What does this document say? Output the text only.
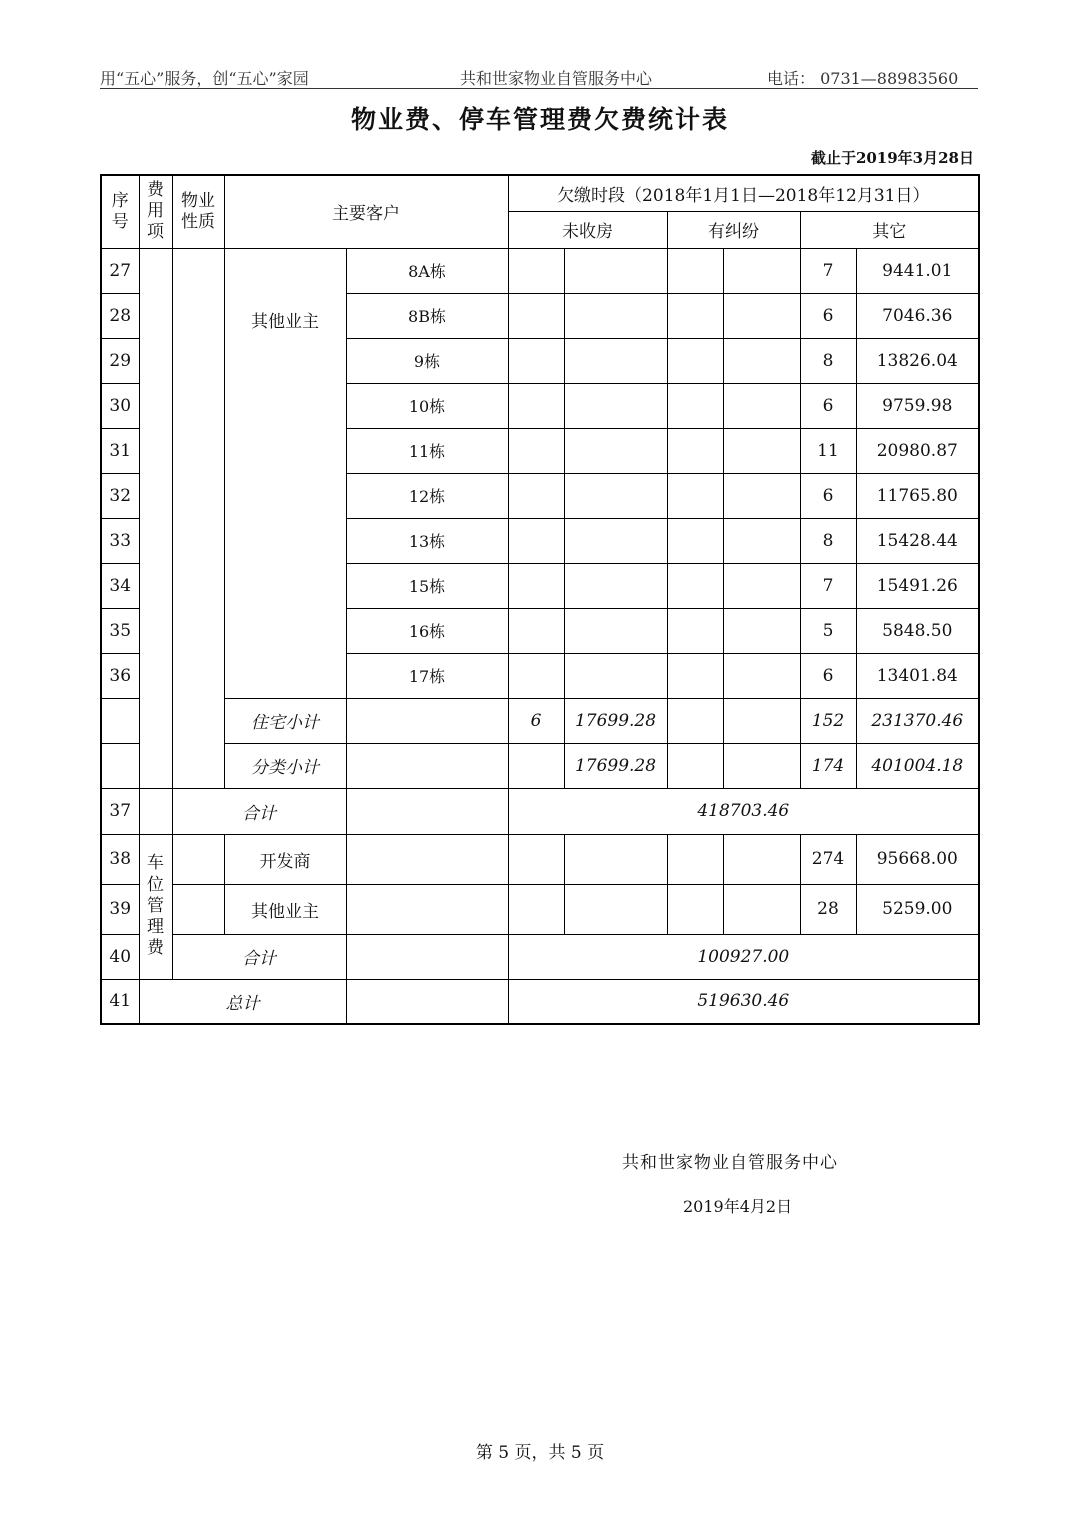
用“五心”服务，创“五心”家园	共和世家物业自管服务中心	电话： 0731—88983560
物业费、停车管理费欠费统计表
截止于2019年3月28日
序号	费用项	物业性质	主要客户		欠缴时段（2018年1月1日—2018年12月31日）					
					未收房		有纠纷		其它	
27			其他业主	8A栋					7	9441.01
28				8B栋					6	7046.36
29				9栋					8	13826.04
30				10栋					6	9759.98
31				11栋					11	20980.87
32				12栋					6	11765.80
33				13栋					8	15428.44
34				15栋					7	15491.26
35				16栋					5	5848.50
36				17栋					6	13401.84
			住宅小计		6	17699.28			152	231370.46
			分类小计			17699.28			174	401004.18
37		合计			418703.46					
38	车位管理费		开发商						274	95668.00
39			其他业主						28	5259.00
40		合计			100927.00					
41	总计				519630.46					
共和世家物业自管服务中心
2019年4月2日
第 5 页，共 5 页
